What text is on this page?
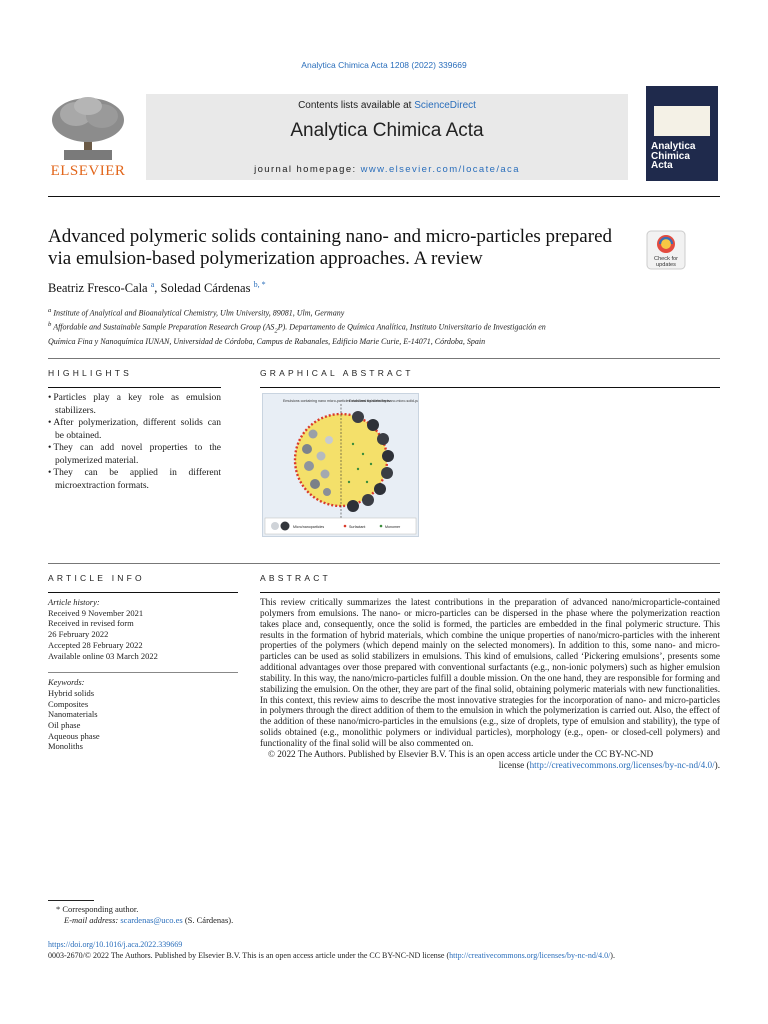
Analytica Chimica Acta 1208 (2022) 339669
ELSEVIER
Contents lists available at ScienceDirect
Analytica Chimica Acta
journal homepage: www.elsevier.com/locate/aca
Analytica
Chimica
Acta
Advanced polymeric solids containing nano- and micro-particles prepared via emulsion-based polymerization approaches. A review	Check for
updates
Beatriz Fresco-Cala $^a$, Soledad Cárdenas $^{b, *}$
$^a$ Institute of Analytical and Bioanalytical Chemistry, Ulm University, 89081, Ulm, Germany
$^b$ Affordable and Sustainable Sample Preparation Research Group $(AS_2P)$. Departamento de Química Analítica, Instituto Universitario de Investigación en
Química Fina y Nanoquímica IUNAN, Universidad de Córdoba, Campus de Rabanales, Edificio Marie Curie, E-14071, Córdoba, Spain
HIGHLIGHTS
• Particles play a key role as emulsion stabilizers.
• After polymerization, different solids can be obtained.
• They can add novel properties to the polymerized material.
• They can be applied in different microextraction formats.
GRAPHICAL ABSTRACT
Emulsions containing nano micro-particles stabilized by surfactants
Emulsions stabilized by nano-micro-solid-p
Micro/nanoparticles	Surfactant	Monomer
ARTICLE INFO
Article history:
Received 9 November 2021
Received in revised form
26 February 2022
Accepted 28 February 2022
Available online 03 March 2022
Keywords:
Hybrid solids
Composites
Nanomaterials
Oil phase
Aqueous phase
Monoliths
ABSTRACT
This review critically summarizes the latest contributions in the preparation of advanced nano/microparticle-contained polymers from emulsions. The nano- or micro-particles can be dispersed in the phase where the polymerization reaction takes place and, consequently, once the solid is formed, the particles are embedded in the final polymeric structure. This results in the formation of hybrid materials, which combine the unique properties of nano/micro-particles with the inherent properties of the polymers (which depend mainly on the selected monomers). In addition to this, some nano- and micro-particles can be used as solid stabilizers in emulsions. This kind of emulsions, called ‘Pickering emulsions’, presents some additional advantages over those prepared with conventional surfactants (e.g., non-ionic polymers) such as higher emulsion stability. In this way, the nano/micro-particles fulfill a double mission. On the one hand, they are responsible for forming and stabilizing the emulsion. On the other, they are part of the final solid, obtaining polymeric materials with new functionalities. In this context, this review aims to describe the most innovative strategies for the incorporation of nano- and micro-particles in polymers through the direct addition of them to the emulsion in which the polymerization is carried out. Also, the effect of the addition of these nano/micro-particles in the emulsions (e.g., size of droplets, type of emulsion and stability), the type of solids obtained (e.g., monolithic polymers or individual particles), morphology (e.g., open- or closed-cell polymers) and functionality of the final solid will be also commented on.
© 2022 The Authors. Published by Elsevier B.V. This is an open access article under the CC BY-NC-ND
license (http://creativecommons.org/licenses/by-nc-nd/4.0/).
* Corresponding author.
E-mail address: scardenas@uco.es (S. Cárdenas).
https://doi.org/10.1016/j.aca.2022.339669
0003-2670/© 2022 The Authors. Published by Elsevier B.V. This is an open access article under the CC BY-NC-ND license (http://creativecommons.org/licenses/by-nc-nd/4.0/).
